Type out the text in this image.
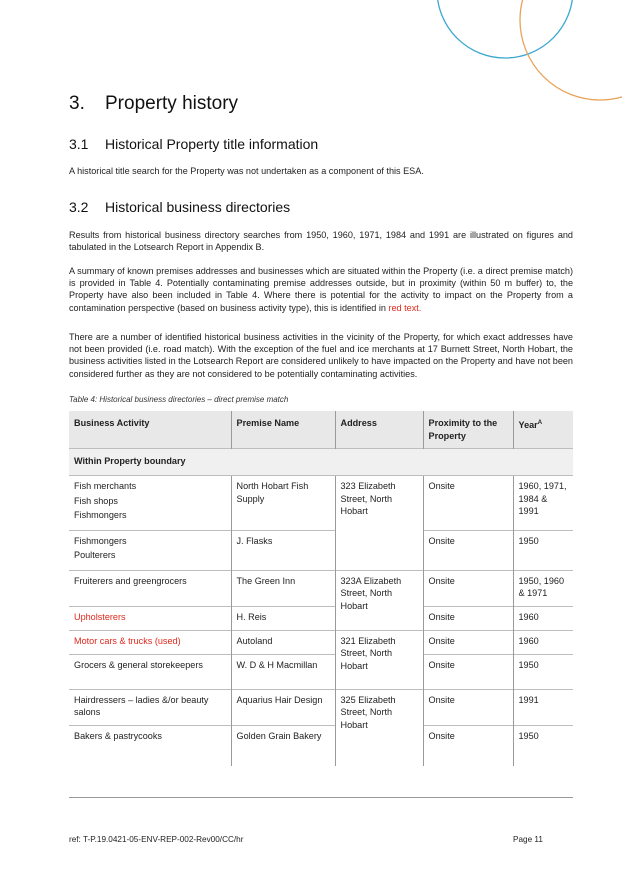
3. Property history
3.1 Historical Property title information

A historical title search for the Property was not undertaken as a component of this ESA.

3.2 Historical business directories

Results from historical business directory searches from 1950, 1960, 1971, 1984 and 1991 are illustrated on figures and tabulated in the Lotsearch Report in Appendix B.

A summary of known premises addresses and businesses which are situated within the Property (i.e. a direct premise match) is provided in Table 4. Potentially contaminating premise addresses outside, but in proximity (within 50 m buffer) to, the Property have also been included in Table 4. Where there is potential for the activity to impact on the Property from a contamination perspective (based on business activity type), this is identified in red text.

There are a number of identified historical business activities in the vicinity of the Property, for which exact addresses have not been provided (i.e. road match). With the exception of the fuel and ice merchants at 17 Burnett Street, North Hobart, the business activities listed in the Lotsearch Report are considered unlikely to have impacted on the Property and have not been considered further as they are not considered to be potentially contaminating activities.

Table 4: Historical business directories – direct premise match

Business Activity	Premise Name	Address	Proximity to the Property	Year$^A$
Within Property boundary				

Fish merchants
Fish shops
Fishmongers	North Hobart Fish Supply	323 Elizabeth Street, North Hobart	Onsite	1960, 1971, 1984 & 1991

Fishmongers
Poulterers	J. Flasks		Onsite	1950
Fruiterers and greengrocers	The Green Inn	323A Elizabeth Street, North Hobart	Onsite	1950, 1960 & 1971
Upholsterers	H. Reis		Onsite	1960
Motor cars & trucks (used)	Autoland	321 Elizabeth Street, North Hobart	Onsite	1960
Grocers & general storekeepers	W. D & H Macmillan		Onsite	1950
Hairdressers – ladies &/or beauty salons	Aquarius Hair Design	325 Elizabeth Street, North Hobart	Onsite	1991
Bakers & pastrycooks	Golden Grain Bakery		Onsite	1950
ref: T-P.19.0421-05-ENV-REP-002-Rev00/CC/hr	Page 11
